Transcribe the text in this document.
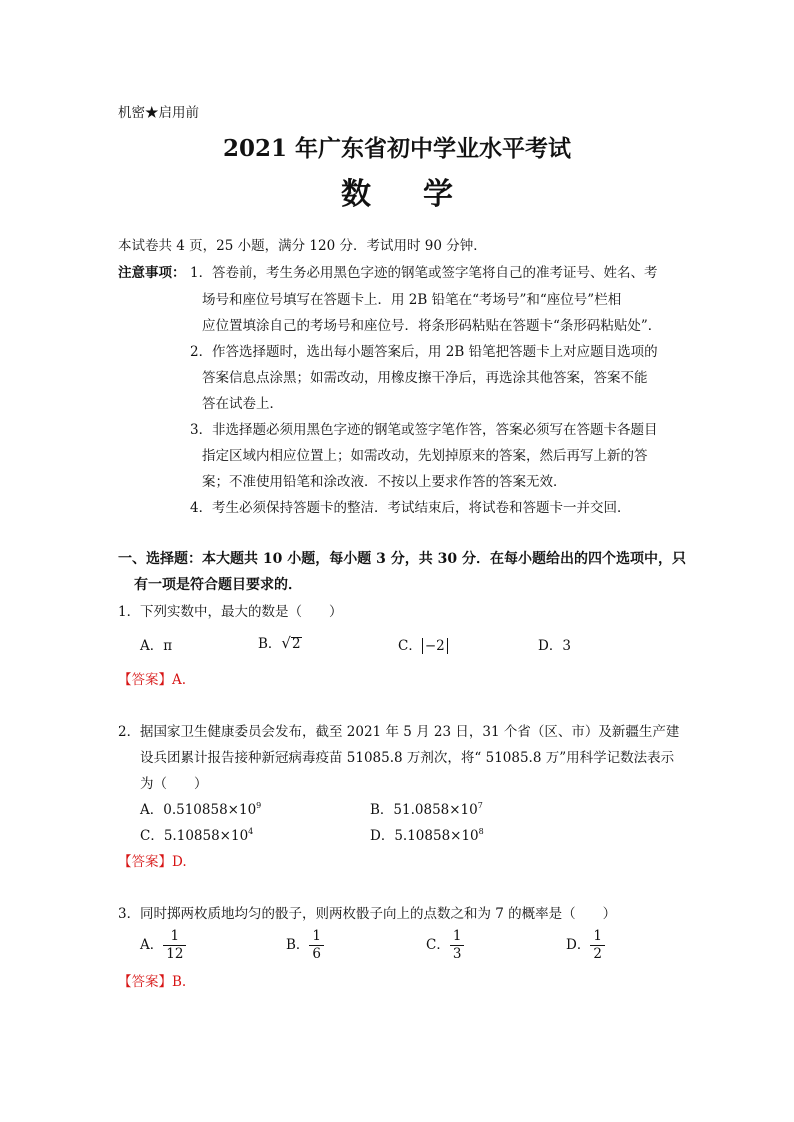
机密★启用前
2021 年广东省初中学业水平考试
数学
本试卷共 4 页，25 小题，满分 120 分．考试用时 90 分钟．
注意事项： 1． 答卷前，考生务必用黑色字迹的钢笔或签字笔将自己的准考证号、姓名、考
场号和座位号填写在答题卡上．用 2B 铅笔在“考场号”和“座位号”栏相
应位置填涂自己的考场号和座位号．将条形码粘贴在答题卡“条形码粘贴处”．
2． 作答选择题时，选出每小题答案后，用 2B 铅笔把答题卡上对应题目选项的
答案信息点涂黑；如需改动，用橡皮擦干净后，再选涂其他答案，答案不能
答在试卷上．
3． 非选择题必须用黑色字迹的钢笔或签字笔作答，答案必须写在答题卡各题目
指定区域内相应位置上；如需改动，先划掉原来的答案，然后再写上新的答
案；不准使用铅笔和涂改液．不按以上要求作答的答案无效．
4． 考生必须保持答题卡的整洁．考试结束后，将试卷和答题卡一并交回．
一、选择题：本大题共 10 小题，每小题 3 分，共 30 分．在每小题给出的四个选项中，只
有一项是符合题目要求的．
1． 下列实数中，最大的数是（　　）
A．π	B．√2	C． −2	D．3
【答案】A.
2． 据国家卫生健康委员会发布，截至 2021 年 5 月 23 日，31 个省（区、市）及新疆生产建
设兵团累计报告接种新冠病毒疫苗 51085.8 万剂次，将“ 51085.8 万”用科学记数法表示
为（　　）
A．$0.510858\times 10^9$	B．$51.0858\times 10^7$
C．$5.10858\times 10^4$	D．$5.10858\times 10^8$
【答案】D.
3． 同时掷两枚质地均匀的骰子，则两枚骰子向上的点数之和为 7 的概率是（　　）
A． $\frac{1}{12}$	B． $\frac{1}{6}$	C． $\frac{1}{3}$	D． $\frac{1}{2}$
【答案】B.
